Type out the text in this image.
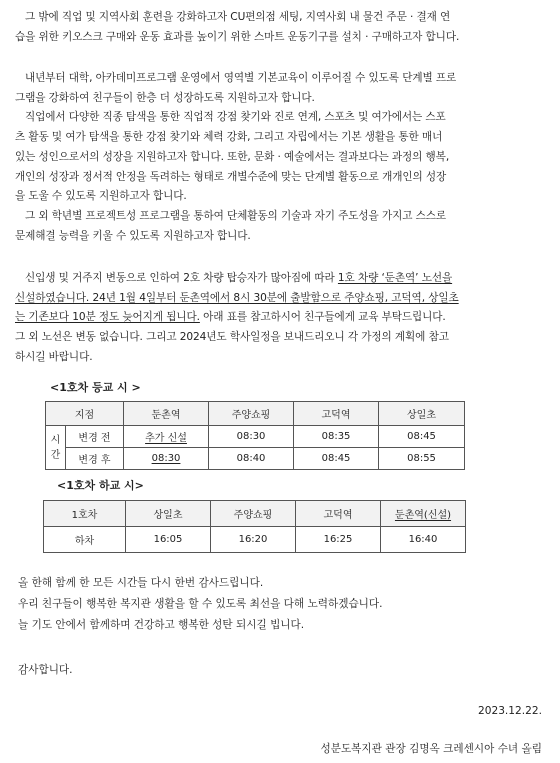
그 밖에 직업 및 지역사회 훈련을 강화하고자 CU편의점 세팅, 지역사회 내 물건 주문 · 결재 연
습을 위한 키오스크 구매와 운동 효과를 높이기 위한 스마트 운동기구를 설치 · 구매하고자 합니다.
내년부터 대학, 아카데미프로그램 운영에서 영역별 기본교육이 이루어질 수 있도록 단계별 프로
그램을 강화하여 친구들이 한층 더 성장하도록 지원하고자 합니다.
직업에서 다양한 직종 탐색을 통한 직업적 강점 찾기와 진로 연계, 스포츠 및 여가에서는 스포
츠 활동 및 여가 탐색을 통한 강점 찾기와 체력 강화, 그리고 자립에서는 기본 생활을 통한 매너
있는 성인으로서의 성장을 지원하고자 합니다. 또한, 문화 · 예술에서는 결과보다는 과정의 행복,
개인의 성장과 정서적 안정을 독려하는 형태로 개별수준에 맞는 단계별 활동으로 개개인의 성장
을 도울 수 있도록 지원하고자 합니다.
그 외 학년별 프로젝트성 프로그램을 통하여 단체활동의 기술과 자기 주도성을 가지고 스스로
문제해결 능력을 키울 수 있도록 지원하고자 합니다.
신입생 및 거주지 변동으로 인하여 2호 차량 탑승자가 많아짐에 따라 1호 차량 ‘둔촌역’ 노선을
신설하였습니다. 24년 1월 4일부터 둔촌역에서 8시 30분에 출발함으로 주양쇼핑, 고덕역, 상일초
는 기존보다 10분 정도 늦어지게 됩니다. 아래 표를 참고하시어 친구들에게 교육 부탁드립니다.
그 외 노선은 변동 없습니다. 그리고 2024년도 학사일정을 보내드리오니 각 가정의 계획에 참고
하시길 바랍니다.
<1호차 등교 시 >
지점		둔촌역	주양쇼핑	고덕역	상일초
시
간	변경 전	추가 신설	08:30	08:35	08:45
	변경 후	08:30	08:40	08:45	08:55
<1호차 하교 시>
1호차	상일초	주양쇼핑	고덕역	둔촌역(신설)
하차	16:05	16:20	16:25	16:40
올 한해 함께 한 모든 시간들 다시 한번 감사드립니다.
우리 친구들이 행복한 복지관 생활을 할 수 있도록 최선을 다해 노력하겠습니다.
늘 기도 안에서 함께하며 건강하고 행복한 성탄 되시길 빕니다.
감사합니다.
2023.12.22.
성분도복지관 관장 김명옥 크레센시아 수녀 올림
